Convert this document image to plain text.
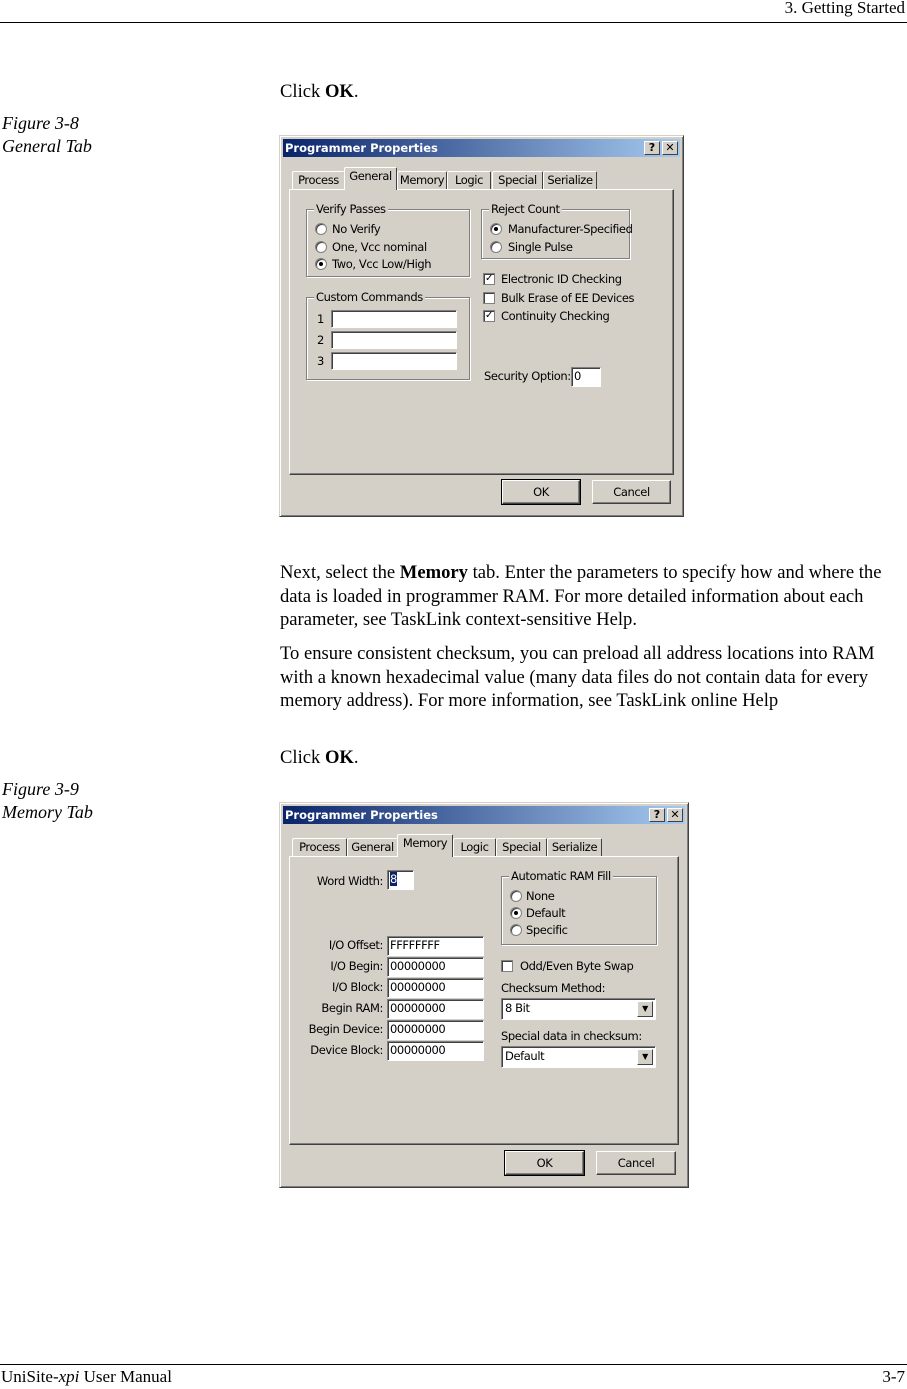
3. Getting Started
Click OK.
Figure 3-8
General Tab	Programmer Properties	? ✕
Process General Memory Logic	Special Serialize
Verify Passes
No Verify
One, Vcc nominal
Two, Vcc Low/High
Reject Count
Manufacturer-Specified
Single Pulse
✓ Electronic ID Checking
Bulk Erase of EE Devices
✓ Continuity Checking
Custom Commands
1
2
3
Security Option: 0
OK	Cancel
Next, select the Memory tab. Enter the parameters to specify how and where the data is loaded in programmer RAM. For more detailed information about each parameter, see TaskLink context-sensitive Help.
To ensure consistent checksum, you can preload all address locations into RAM with a known hexadecimal value (many data files do not contain data for every memory address). For more information, see TaskLink online Help
Click OK.
Figure 3-9
Memory Tab	Programmer Properties	? ✕
Process General Memory	Logic	Special Serialize
Word Width: 8
I/O Offset: FFFFFFFF
I/O Begin: 00000000
I/O Block: 00000000
Begin RAM: 00000000
Begin Device: 00000000
Device Block: 00000000
Automatic RAM Fill
None
Default
Specific
Odd/Even Byte Swap
Checksum Method:
8 Bit	▼
Special data in checksum:
Default	▼
OK	Cancel
UniSite-xpi User Manual	3-7
